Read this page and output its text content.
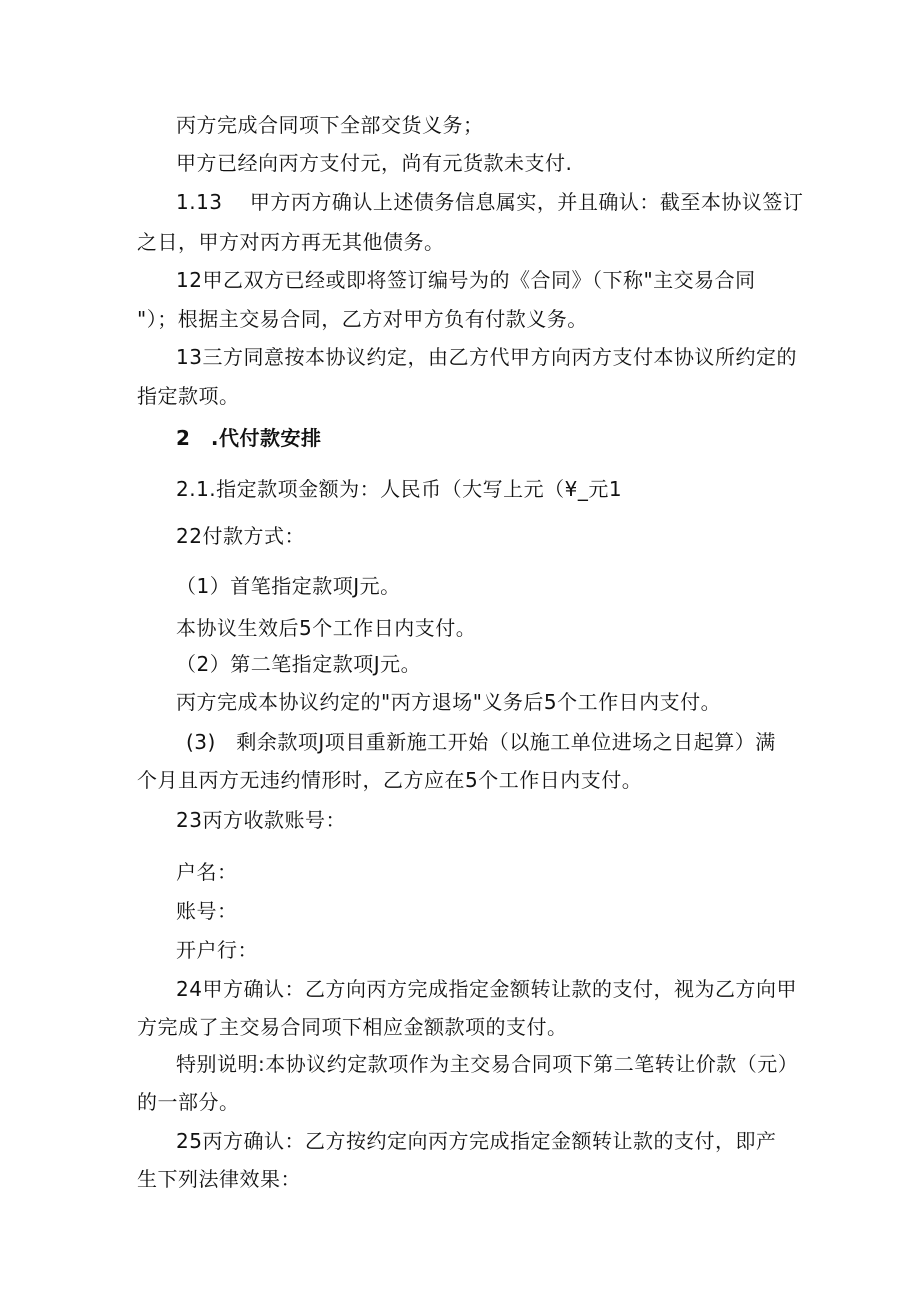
丙方完成合同项下全部交货义务；
甲方已经向丙方支付元，尚有元货款未支付.
1.13　 甲方丙方确认上述债务信息属实，并且确认：截至本协议签订
之日，甲方对丙方再无其他债务。
12甲乙双方已经或即将签订编号为的《合同》（下称"主交易合同
"）；根据主交易合同，乙方对甲方负有付款义务。
13三方同意按本协议约定，由乙方代甲方向丙方支付本协议所约定的
指定款项。
2　.代付款安排
2.1.指定款项金额为：人民币（大写上元（¥_元1
22付款方式：
（1）首笔指定款项J元。
本协议生效后5个工作日内支付。
（2）第二笔指定款项J元。
丙方完成本协议约定的"丙方退场"义务后5个工作日内支付。
(3)　剩余款项J项目重新施工开始（以施工单位进场之日起算）满
个月且丙方无违约情形时，乙方应在5个工作日内支付。
23丙方收款账号：
户名：
账号：
开户行：
24甲方确认：乙方向丙方完成指定金额转让款的支付，视为乙方向甲
方完成了主交易合同项下相应金额款项的支付。
特别说明:本协议约定款项作为主交易合同项下第二笔转让价款（元）
的一部分。
25丙方确认：乙方按约定向丙方完成指定金额转让款的支付，即产
生下列法律效果：
